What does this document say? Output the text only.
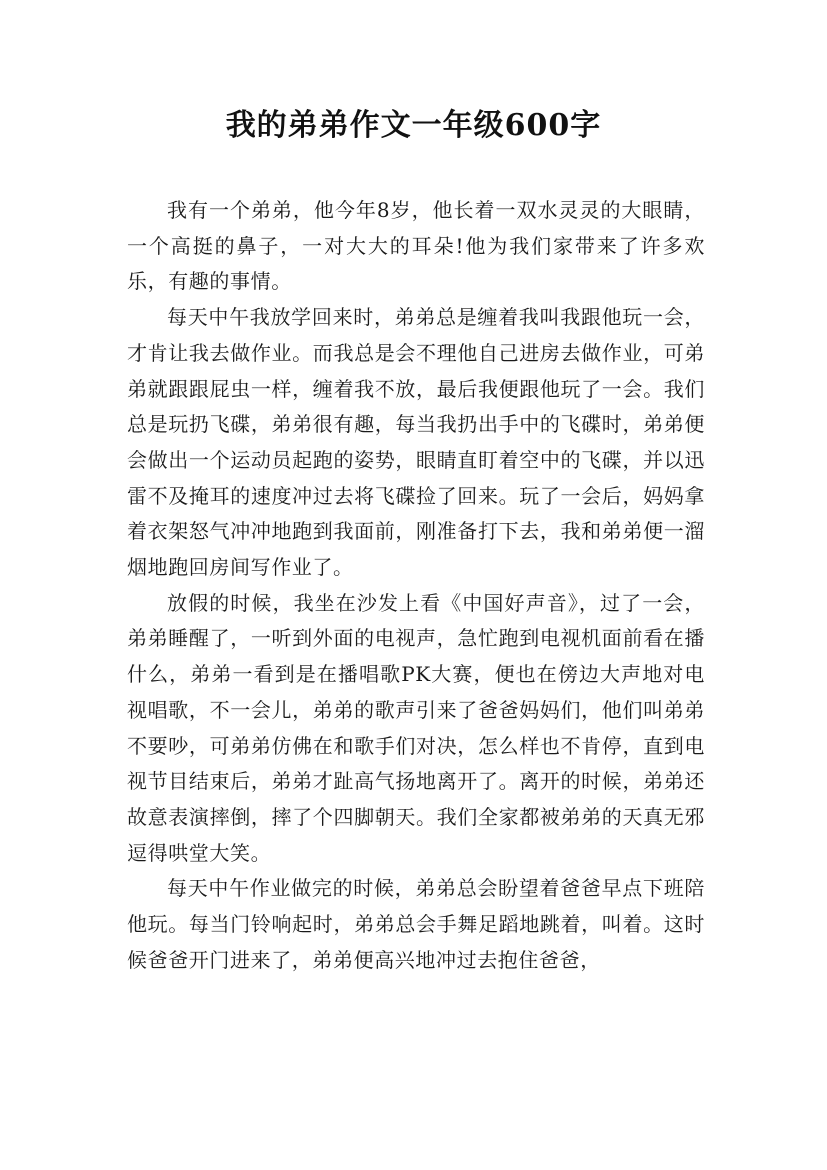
我的弟弟作文一年级600字

我有一个弟弟，他今年8岁，他长着一双水灵灵的大眼睛，一个高挺的鼻子，一对大大的耳朵!他为我们家带来了许多欢乐，有趣的事情。

每天中午我放学回来时，弟弟总是缠着我叫我跟他玩一会，才肯让我去做作业。而我总是会不理他自己进房去做作业，可弟弟就跟跟屁虫一样，缠着我不放，最后我便跟他玩了一会。我们总是玩扔飞碟，弟弟很有趣，每当我扔出手中的飞碟时，弟弟便会做出一个运动员起跑的姿势，眼睛直盯着空中的飞碟，并以迅雷不及掩耳的速度冲过去将飞碟捡了回来。玩了一会后，妈妈拿着衣架怒气冲冲地跑到我面前，刚准备打下去，我和弟弟便一溜烟地跑回房间写作业了。

放假的时候，我坐在沙发上看《中国好声音》，过了一会，弟弟睡醒了，一听到外面的电视声，急忙跑到电视机面前看在播什么，弟弟一看到是在播唱歌PK大赛，便也在傍边大声地对电视唱歌，不一会儿，弟弟的歌声引来了爸爸妈妈们，他们叫弟弟不要吵，可弟弟仿佛在和歌手们对决，怎么样也不肯停，直到电视节目结束后，弟弟才趾高气扬地离开了。离开的时候，弟弟还故意表演摔倒，摔了个四脚朝天。我们全家都被弟弟的天真无邪逗得哄堂大笑。

每天中午作业做完的时候，弟弟总会盼望着爸爸早点下班陪他玩。每当门铃响起时，弟弟总会手舞足蹈地跳着，叫着。这时候爸爸开门进来了，弟弟便高兴地冲过去抱住爸爸，
